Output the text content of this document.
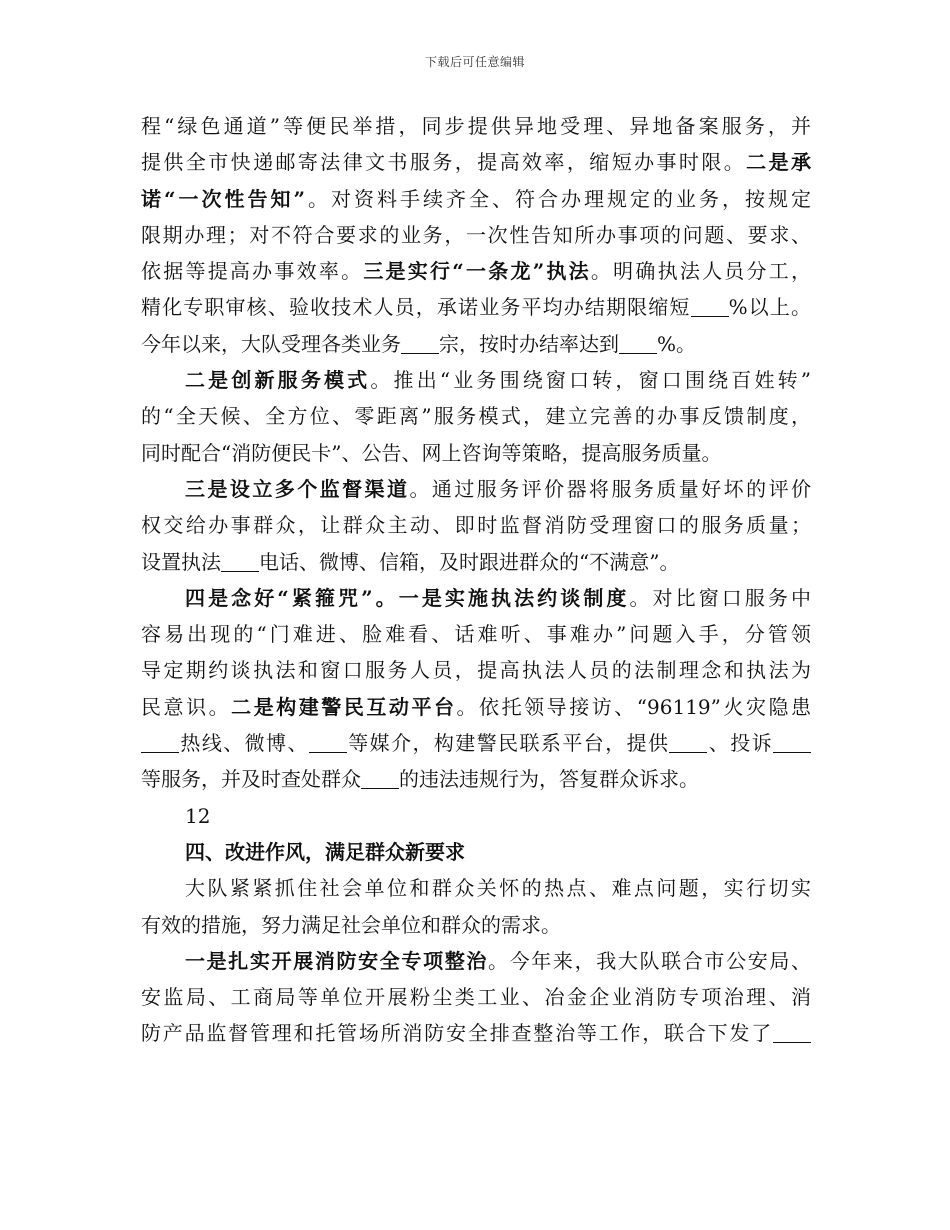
下载后可任意编辑
程“绿色通道”等便民举措，同步提供异地受理、异地备案服务，并
提供全市快递邮寄法律文书服务，提高效率，缩短办事时限。二是承
诺“一次性告知”。对资料手续齐全、符合办理规定的业务，按规定
限期办理；对不符合要求的业务，一次性告知所办事项的问题、要求、
依据等提高办事效率。三是实行“一条龙”执法。明确执法人员分工，
精化专职审核、验收技术人员，承诺业务平均办结期限缩短 %以上。
今年以来，大队受理各类业务 宗，按时办结率达到 %。
二是创新服务模式。推出“业务围绕窗口转，窗口围绕百姓转”
的“全天候、全方位、零距离”服务模式，建立完善的办事反馈制度，
同时配合“消防便民卡”、公告、网上咨询等策略，提高服务质量。
三是设立多个监督渠道。通过服务评价器将服务质量好坏的评价
权交给办事群众，让群众主动、即时监督消防受理窗口的服务质量；
设置执法 电话、微博、信箱，及时跟进群众的“不满意”。
四是念好“紧箍咒”。一是实施执法约谈制度。对比窗口服务中
容易出现的“门难进、脸难看、话难听、事难办”问题入手，分管领
导定期约谈执法和窗口服务人员，提高执法人员的法制理念和执法为
民意识。二是构建警民互动平台。依托领导接访、“96119”火灾隐患
热线、微博、 等媒介，构建警民联系平台，提供 、投诉
等服务，并及时查处群众 的违法违规行为，答复群众诉求。
12
四、改进作风，满足群众新要求
大队紧紧抓住社会单位和群众关怀的热点、难点问题，实行切实
有效的措施，努力满足社会单位和群众的需求。
一是扎实开展消防安全专项整治。今年来，我大队联合市公安局、
安监局、工商局等单位开展粉尘类工业、冶金企业消防专项治理、消
防产品监督管理和托管场所消防安全排查整治等工作，联合下发了
